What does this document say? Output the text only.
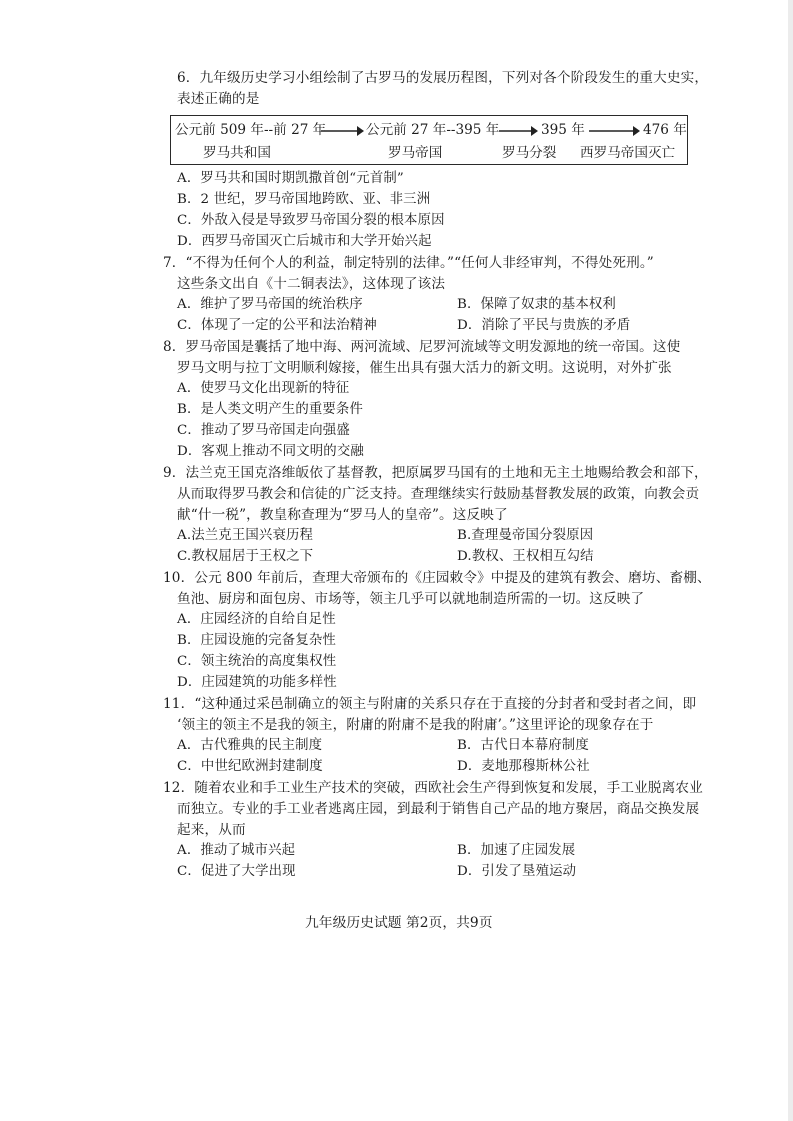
6．九年级历史学习小组绘制了古罗马的发展历程图，下列对各个阶段发生的重大史实，
表述正确的是
公元前 509 年--前 27 年	公元前 27 年--395 年	395 年	476 年
罗马共和国	罗马帝国	罗马分裂 西罗马帝国灭亡
A．罗马共和国时期凯撒首创“元首制”
B．2 世纪，罗马帝国地跨欧、亚、非三洲
C．外敌入侵是导致罗马帝国分裂的根本原因
D．西罗马帝国灭亡后城市和大学开始兴起
7．“不得为任何个人的利益，制定特别的法律。”“任何人非经审判，不得处死刑。”
这些条文出自《十二铜表法》，这体现了该法
A．维护了罗马帝国的统治秩序	B．保障了奴隶的基本权利
C．体现了一定的公平和法治精神	D．消除了平民与贵族的矛盾
8．罗马帝国是囊括了地中海、两河流域、尼罗河流域等文明发源地的统一帝国。这使
罗马文明与拉丁文明顺利嫁接，催生出具有强大活力的新文明。这说明，对外扩张
A．使罗马文化出现新的特征
B．是人类文明产生的重要条件
C．推动了罗马帝国走向强盛
D．客观上推动不同文明的交融
9．法兰克王国克洛维皈依了基督教，把原属罗马国有的土地和无主土地赐给教会和部下，
从而取得罗马教会和信徒的广泛支持。查理继续实行鼓励基督教发展的政策，向教会贡
献“什一税”，教皇称查理为“罗马人的皇帝”。这反映了
A.法兰克王国兴衰历程	B.查理曼帝国分裂原因
C.教权屈居于王权之下	D.教权、王权相互勾结
10．公元 800 年前后，查理大帝颁布的《庄园敕令》中提及的建筑有教会、磨坊、畜棚、
鱼池、厨房和面包房、市场等，领主几乎可以就地制造所需的一切。这反映了
A．庄园经济的自给自足性
B．庄园设施的完备复杂性
C．领主统治的高度集权性
D．庄园建筑的功能多样性
11．“这种通过采邑制确立的领主与附庸的关系只存在于直接的分封者和受封者之间，即
‘领主的领主不是我的领主，附庸的附庸不是我的附庸’。”这里评论的现象存在于
A．古代雅典的民主制度	B．古代日本幕府制度
C．中世纪欧洲封建制度	D．麦地那穆斯林公社
12．随着农业和手工业生产技术的突破，西欧社会生产得到恢复和发展，手工业脱离农业
而独立。专业的手工业者逃离庄园，到最利于销售自己产品的地方聚居，商品交换发展
起来，从而
A．推动了城市兴起	B．加速了庄园发展
C．促进了大学出现	D．引发了垦殖运动
九年级历史试题 第2页，共9页
